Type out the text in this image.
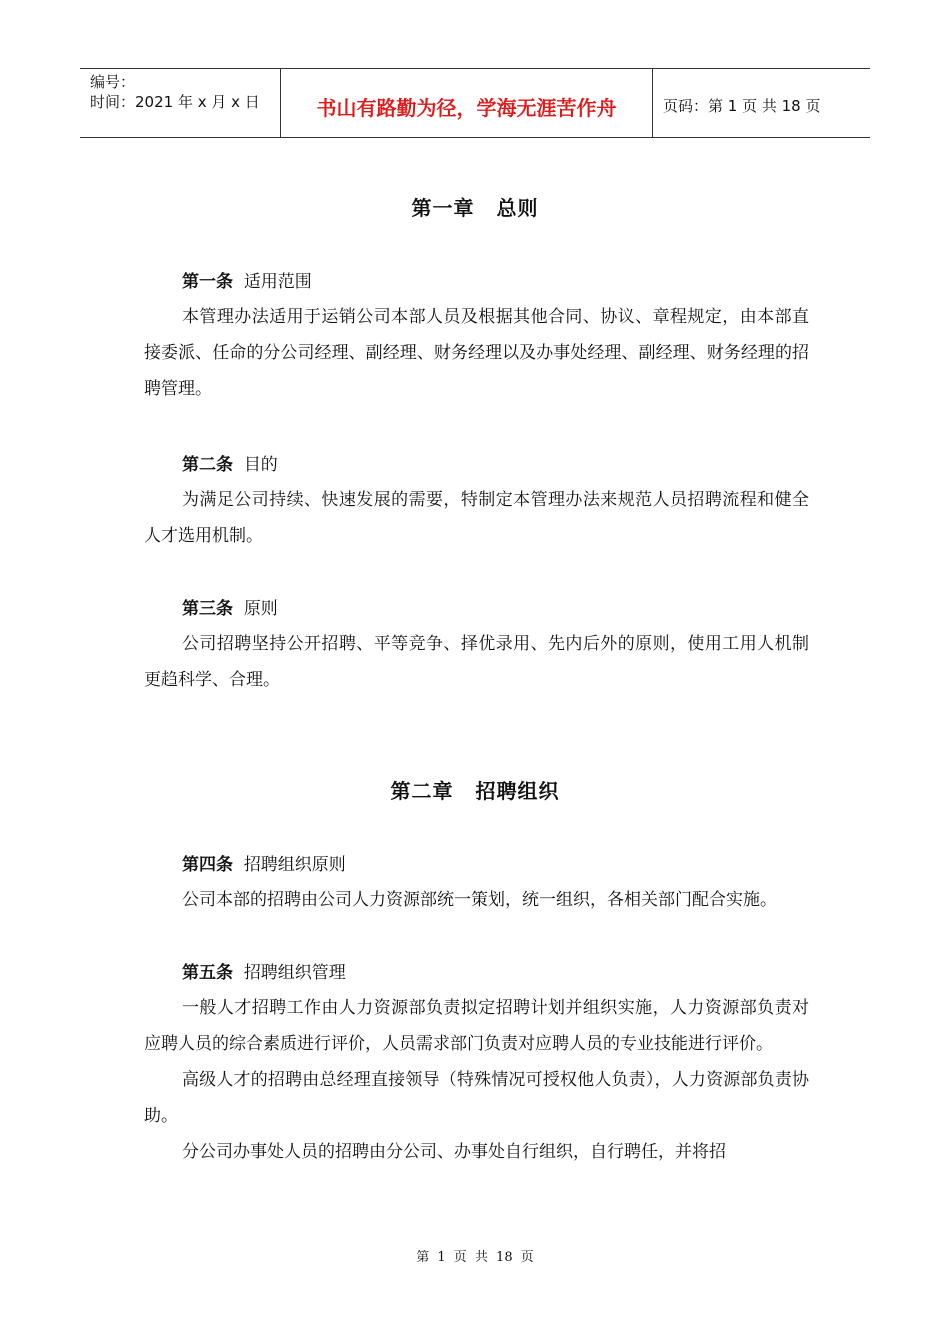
编号：
时间：2021 年 x 月 x 日	书山有路勤为径，学海无涯苦作舟	页码：第 1 页 共 18 页
第一章 总则
第一条 适用范围

本管理办法适用于运销公司本部人员及根据其他合同、协议、章程规定，由本部直接委派、任命的分公司经理、副经理、财务经理以及办事处经理、副经理、财务经理的招聘管理。

第二条 目的

为满足公司持续、快速发展的需要，特制定本管理办法来规范人员招聘流程和健全人才选用机制。

第三条 原则

公司招聘坚持公开招聘、平等竞争、择优录用、先内后外的原则，使用工用人机制更趋科学、合理。

第二章 招聘组织
第四条 招聘组织原则

公司本部的招聘由公司人力资源部统一策划，统一组织，各相关部门配合实施。

第五条 招聘组织管理

一般人才招聘工作由人力资源部负责拟定招聘计划并组织实施，人力资源部负责对应聘人员的综合素质进行评价，人员需求部门负责对应聘人员的专业技能进行评价。

高级人才的招聘由总经理直接领导（特殊情况可授权他人负责），人力资源部负责协助。

分公司办事处人员的招聘由分公司、办事处自行组织，自行聘任，并将招

第 1 页 共 18 页
